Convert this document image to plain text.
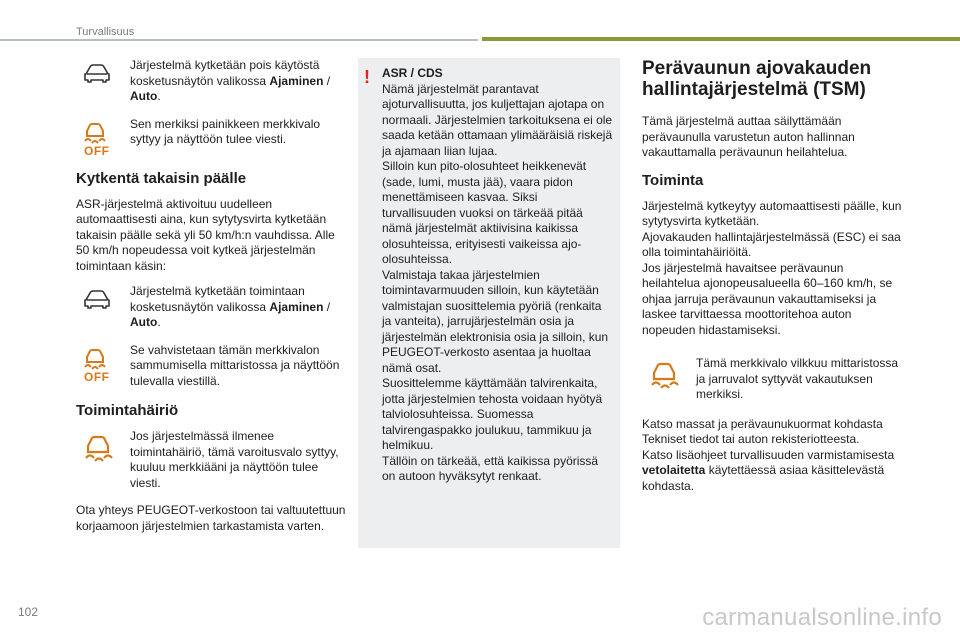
Turvallisuus
Järjestelmä kytketään pois käytöstä kosketusnäytön valikossa Ajaminen / Auto.
OFF
Sen merkiksi painikkeen merkkivalo syttyy ja näyttöön tulee viesti.
Kytkentä takaisin päälle

ASR-järjestelmä aktivoituu uudelleen automaattisesti aina, kun sytytysvirta kytketään takaisin päälle sekä yli 50 km/h:n vauhdissa. Alle 50 km/h nopeudessa voit kytkeä järjestelmän toimintaan käsin:

Järjestelmä kytketään toimintaan kosketusnäytön valikossa Ajaminen / Auto.
OFF
Se vahvistetaan tämän merkkivalon sammumisella mittaristossa ja näyttöön tulevalla viestillä.
Toimintahäiriö
Jos järjestelmässä ilmenee toimintahäiriö, tämä varoitusvalo syttyy, kuuluu merkkiääni ja näyttöön tulee viesti.

Ota yhteys PEUGEOT-verkostoon tai valtuutettuun korjaamoon järjestelmien tarkastamista varten.

! ASR / CDS
Nämä järjestelmät parantavat ajoturvallisuutta, jos kuljettajan ajotapa on normaali. Järjestelmien tarkoituksena ei ole saada ketään ottamaan ylimääräisiä riskejä ja ajamaan liian lujaa.
Silloin kun pito-olosuhteet heikkenevät (sade, lumi, musta jää), vaara pidon menettämiseen kasvaa. Siksi turvallisuuden vuoksi on tärkeää pitää nämä järjestelmät aktiivisina kaikissa olosuhteissa, erityisesti vaikeissa ajo-olosuhteissa.
Valmistaja takaa järjestelmien toimintavarmuuden silloin, kun käytetään valmistajan suosittelemia pyöriä (renkaita ja vanteita), jarrujärjestelmän osia ja järjestelmän elektronisia osia ja silloin, kun PEUGEOT-verkosto asentaa ja huoltaa nämä osat.
Suosittelemme käyttämään talvirenkaita, jotta järjestelmien tehosta voidaan hyötyä talviolosuhteissa. Suomessa talvirengaspakko joulukuu, tammikuu ja helmikuu.
Tällöin on tärkeää, että kaikissa pyörissä on autoon hyväksytyt renkaat.
Perävaunun ajovakauden hallintajärjestelmä (TSM)

Tämä järjestelmä auttaa säilyttämään perävaunulla varustetun auton hallinnan vakauttamalla perävaunun heilahtelua.

Toiminta

Järjestelmä kytkeytyy automaattisesti päälle, kun sytytysvirta kytketään.
Ajovakauden hallintajärjestelmässä (ESC) ei saa olla toimintahäiriöitä.
Jos järjestelmä havaitsee perävaunun heilahtelua ajonopeusalueella 60–160 km/h, se ohjaa jarruja perävaunun vakauttamiseksi ja laskee tarvittaessa moottoritehoa auton nopeuden hidastamiseksi.

Tämä merkkivalo vilkkuu mittaristossa ja jarruvalot syttyvät vakautuksen merkiksi.

Katso massat ja perävaunukuormat kohdasta Tekniset tiedot tai auton rekisteriotteesta.
Katso lisäohjeet turvallisuuden varmistamisesta vetolaitetta käytettäessä asiaa käsittelevästä kohdasta.

102	carmanualsonline.info
